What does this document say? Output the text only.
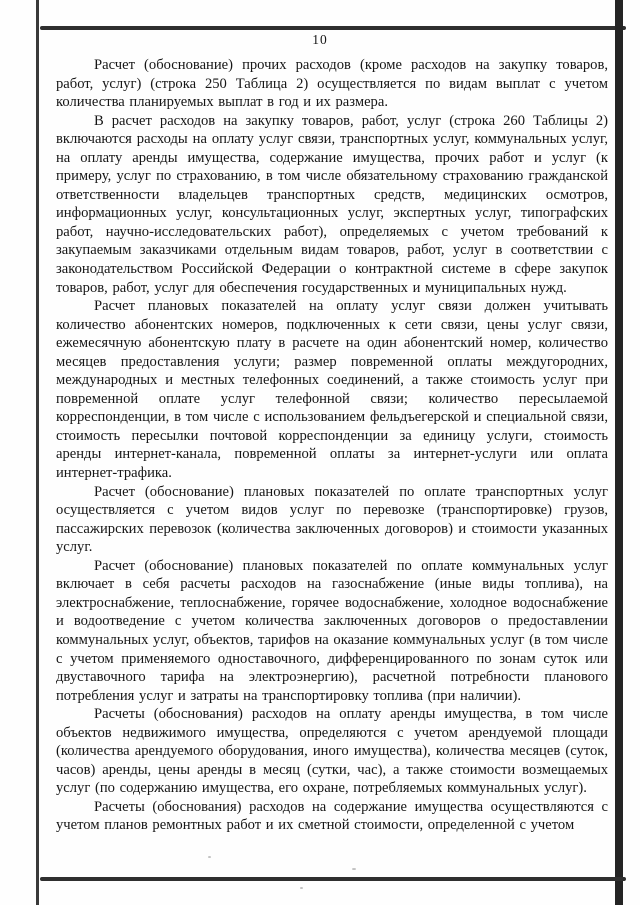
10

Расчет (обоснование) прочих расходов (кроме расходов на закупку товаров, работ, услуг) (строка 250 Таблица 2) осуществляется по видам выплат с учетом количества планируемых выплат в год и их размера.

В расчет расходов на закупку товаров, работ, услуг (строка 260 Таблицы 2) включаются расходы на оплату услуг связи, транспортных услуг, коммунальных услуг, на оплату аренды имущества, содержание имущества, прочих работ и услуг (к примеру, услуг по страхованию, в том числе обязательному страхованию гражданской ответственности владельцев транспортных средств, медицинских осмотров, информационных услуг, консультационных услуг, экспертных услуг, типографских работ, научно-исследовательских работ), определяемых с учетом требований к закупаемым заказчиками отдельным видам товаров, работ, услуг в соответствии с законодательством Российской Федерации о контрактной системе в сфере закупок товаров, работ, услуг для обеспечения государственных и муниципальных нужд.

Расчет плановых показателей на оплату услуг связи должен учитывать количество абонентских номеров, подключенных к сети связи, цены услуг связи, ежемесячную абонентскую плату в расчете на один абонентский номер, количество месяцев предоставления услуги; размер повременной оплаты междугородних, международных и местных телефонных соединений, а также стоимость услуг при повременной оплате услуг телефонной связи; количество пересылаемой корреспонденции, в том числе с использованием фельдъегерской и специальной связи, стоимость пересылки почтовой корреспонденции за единицу услуги, стоимость аренды интернет-канала, повременной оплаты за интернет-услуги или оплата интернет-трафика.

Расчет (обоснование) плановых показателей по оплате транспортных услуг осуществляется с учетом видов услуг по перевозке (транспортировке) грузов, пассажирских перевозок (количества заключенных договоров) и стоимости указанных услуг.

Расчет (обоснование) плановых показателей по оплате коммунальных услуг включает в себя расчеты расходов на газоснабжение (иные виды топлива), на электроснабжение, теплоснабжение, горячее водоснабжение, холодное водоснабжение и водоотведение с учетом количества заключенных договоров о предоставлении коммунальных услуг, объектов, тарифов на оказание коммунальных услуг (в том числе с учетом применяемого одноставочного, дифференцированного по зонам суток или двуставочного тарифа на электроэнергию), расчетной потребности планового потребления услуг и затраты на транспортировку топлива (при наличии).

Расчеты (обоснования) расходов на оплату аренды имущества, в том числе объектов недвижимого имущества, определяются с учетом арендуемой площади (количества арендуемого оборудования, иного имущества), количества месяцев (суток, часов) аренды, цены аренды в месяц (сутки, час), а также стоимости возмещаемых услуг (по содержанию имущества, его охране, потребляемых коммунальных услуг).

Расчеты (обоснования) расходов на содержание имущества осуществляются с учетом планов ремонтных работ и их сметной стоимости, определенной с учетом
